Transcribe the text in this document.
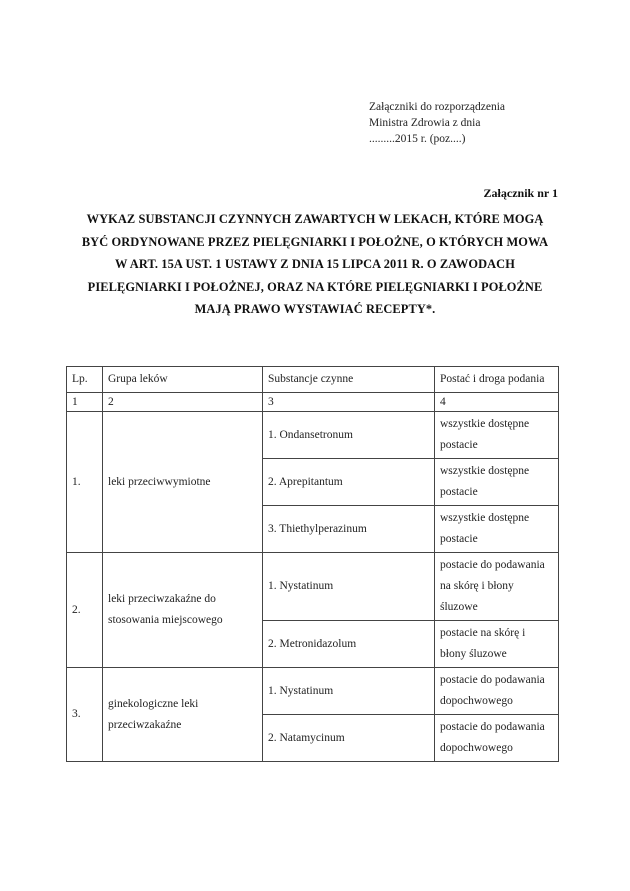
Załączniki do rozporządzenia
Ministra Zdrowia z dnia
.........2015 r. (poz....)
Załącznik nr 1
WYKAZ SUBSTANCJI CZYNNYCH ZAWARTYCH W LEKACH, KTÓRE MOGĄ
BYĆ ORDYNOWANE PRZEZ PIELĘGNIARKI I POŁOŻNE, O KTÓRYCH MOWA
W ART. 15A UST. 1 USTAWY Z DNIA 15 LIPCA 2011 R. O ZAWODACH
PIELĘGNIARKI I POŁOŻNEJ, ORAZ NA KTÓRE PIELĘGNIARKI I POŁOŻNE
MAJĄ PRAWO WYSTAWIAĆ RECEPTY*.
Lp.	Grupa leków	Substancje czynne	Postać i droga podania
1	2	3	4
1.	leki przeciwwymiotne	1. Ondansetronum	wszystkie dostępne postacie
		2. Aprepitantum	wszystkie dostępne postacie
		3. Thiethylperazinum	wszystkie dostępne postacie
2.	leki przeciwzakaźne do stosowania miejscowego	1. Nystatinum	postacie do podawania na skórę i błony śluzowe
		2. Metronidazolum	postacie na skórę i błony śluzowe
3.	ginekologiczne leki przeciwzakaźne	1. Nystatinum	postacie do podawania dopochwowego
		2. Natamycinum	postacie do podawania dopochwowego
